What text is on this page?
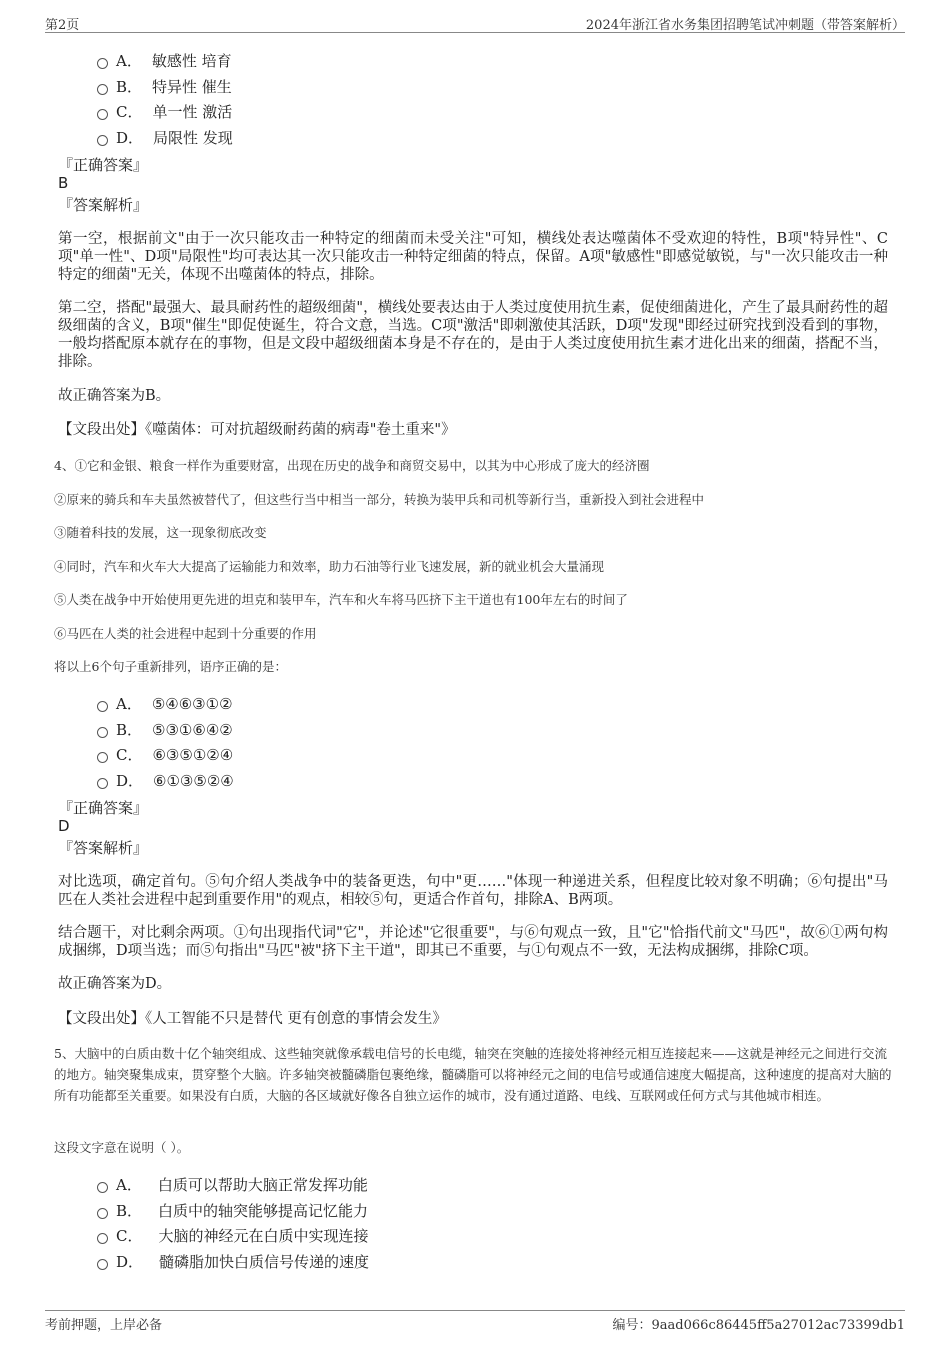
第2页	2024年浙江省水务集团招聘笔试冲刺题（带答案解析）
A． 敏感性 培育
B． 特异性 催生
C． 单一性 激活
D． 局限性 发现
『正确答案』
B
『答案解析』
第一空，根据前文"由于一次只能攻击一种特定的细菌而未受关注"可知，横线处表达噬菌体不受欢迎的特性，B项"特异性"、C项"单一性"、D项"局限性"均可表达其一次只能攻击一种特定细菌的特点，保留。A项"敏感性"即感觉敏锐，与"一次只能攻击一种特定的细菌"无关，体现不出噬菌体的特点，排除。
第二空，搭配"最强大、最具耐药性的超级细菌"，横线处要表达由于人类过度使用抗生素，促使细菌进化，产生了最具耐药性的超级细菌的含义，B项"催生"即促使诞生，符合文意，当选。C项"激活"即刺激使其活跃，D项"发现"即经过研究找到没看到的事物，一般均搭配原本就存在的事物，但是文段中超级细菌本身是不存在的，是由于人类过度使用抗生素才进化出来的细菌，搭配不当，排除。
故正确答案为B。
【文段出处】《噬菌体：可对抗超级耐药菌的病毒"卷土重来"》
4、①它和金银、粮食一样作为重要财富，出现在历史的战争和商贸交易中，以其为中心形成了庞大的经济圈
②原来的骑兵和车夫虽然被替代了，但这些行当中相当一部分，转换为装甲兵和司机等新行当，重新投入到社会进程中
③随着科技的发展，这一现象彻底改变
④同时，汽车和火车大大提高了运输能力和效率，助力石油等行业飞速发展，新的就业机会大量涌现
⑤人类在战争中开始使用更先进的坦克和装甲车，汽车和火车将马匹挤下主干道也有100年左右的时间了
⑥马匹在人类的社会进程中起到十分重要的作用
将以上6个句子重新排列，语序正确的是：
A． ⑤④⑥③①②
B． ⑤③①⑥④②
C． ⑥③⑤①②④
D． ⑥①③⑤②④
『正确答案』
D
『答案解析』
对比选项，确定首句。⑤句介绍人类战争中的装备更迭，句中"更……"体现一种递进关系，但程度比较对象不明确；⑥句提出"马匹在人类社会进程中起到重要作用"的观点，相较⑤句，更适合作首句，排除A、B两项。
结合题干，对比剩余两项。①句出现指代词"它"，并论述"它很重要"，与⑥句观点一致，且"它"恰指代前文"马匹"，故⑥①两句构成捆绑，D项当选；而⑤句指出"马匹"被"挤下主干道"，即其已不重要，与①句观点不一致，无法构成捆绑，排除C项。
故正确答案为D。
【文段出处】《人工智能不只是替代 更有创意的事情会发生》
5、大脑中的白质由数十亿个轴突组成、这些轴突就像承载电信号的长电缆，轴突在突触的连接处将神经元相互连接起来——这就是神经元之间进行交流的地方。轴突聚集成束，贯穿整个大脑。许多轴突被髓磷脂包裹绝缘，髓磷脂可以将神经元之间的电信号或通信速度大幅提高，这种速度的提高对大脑的所有功能都至关重要。如果没有白质，大脑的各区域就好像各自独立运作的城市，没有通过道路、电线、互联网或任何方式与其他城市相连。
这段文字意在说明（ ）。
A． 白质可以帮助大脑正常发挥功能
B． 白质中的轴突能够提高记忆能力
C． 大脑的神经元在白质中实现连接
D． 髓磷脂加快白质信号传递的速度
考前押题，上岸必备	编号：9aad066c86445ff5a27012ac73399db1
